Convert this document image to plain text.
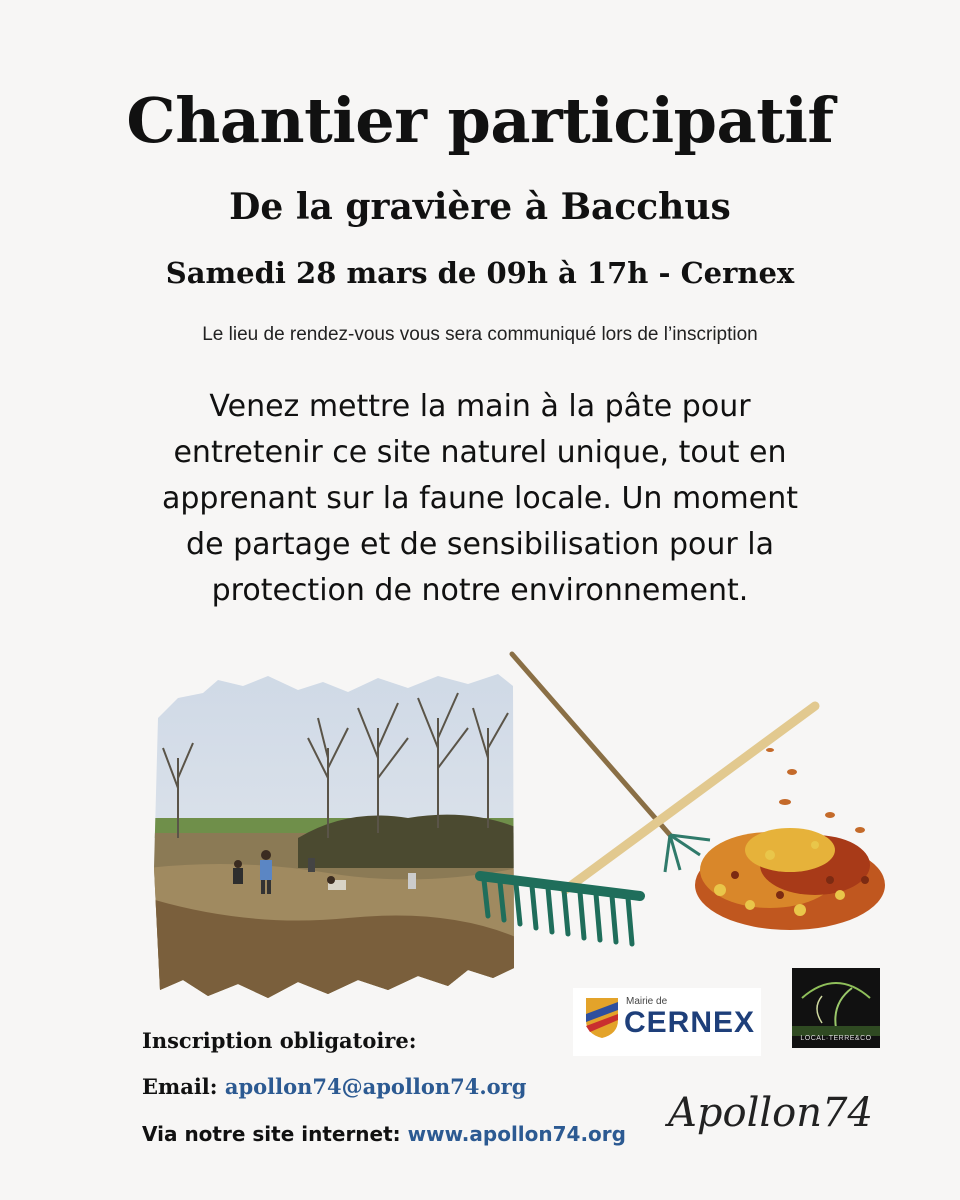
Chantier participatif
De la gravière à Bacchus
Samedi 28 mars de 09h à 17h - Cernex
Le lieu de rendez-vous vous sera communiqué lors de l’inscription
Venez mettre la main à la pâte pour entretenir ce site naturel unique, tout en apprenant sur la faune locale. Un moment de partage et de sensibilisation pour la protection de notre environnement.
Inscription obligatoire:
Email: apollon74@apollon74.org
Via notre site internet: www.apollon74.org
Mairie de
CERNEX	LOCAL·TERRE&CO
Apollon74
